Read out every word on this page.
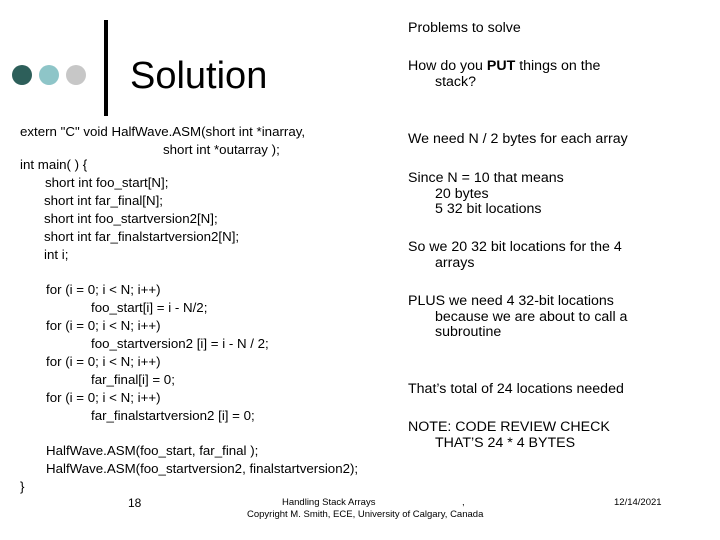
Solution
extern "C" void HalfWave.ASM(short int *inarray,
short int *outarray );
int main( ) {
short int foo_start[N];
short int far_final[N];
short int foo_startversion2[N];
short int far_finalstartversion2[N];
int i;
for (i = 0; i < N; i++)
foo_start[i] = i - N/2;
for (i = 0; i < N; i++)
foo_startversion2 [i] = i - N / 2;
for (i = 0; i < N; i++)
far_final[i] = 0;
for (i = 0; i < N; i++)
far_finalstartversion2 [i] = 0;
HalfWave.ASM(foo_start, far_final );
HalfWave.ASM(foo_startversion2, finalstartversion2);
}
Problems to solve
How do you PUT things on the
stack?
We need N / 2 bytes for each array
Since N = 10 that means
20 bytes
5 32 bit locations
So we 20 32 bit locations for the 4
arrays
PLUS we need 4 32-bit locations
because we are about to call a
subroutine
That’s total of 24 locations needed
NOTE: CODE REVIEW CHECK
THAT’S 24 * 4 BYTES
18	Handling Stack Arrays	,
Copyright M. Smith, ECE, University of Calgary, Canada
12/14/2021
